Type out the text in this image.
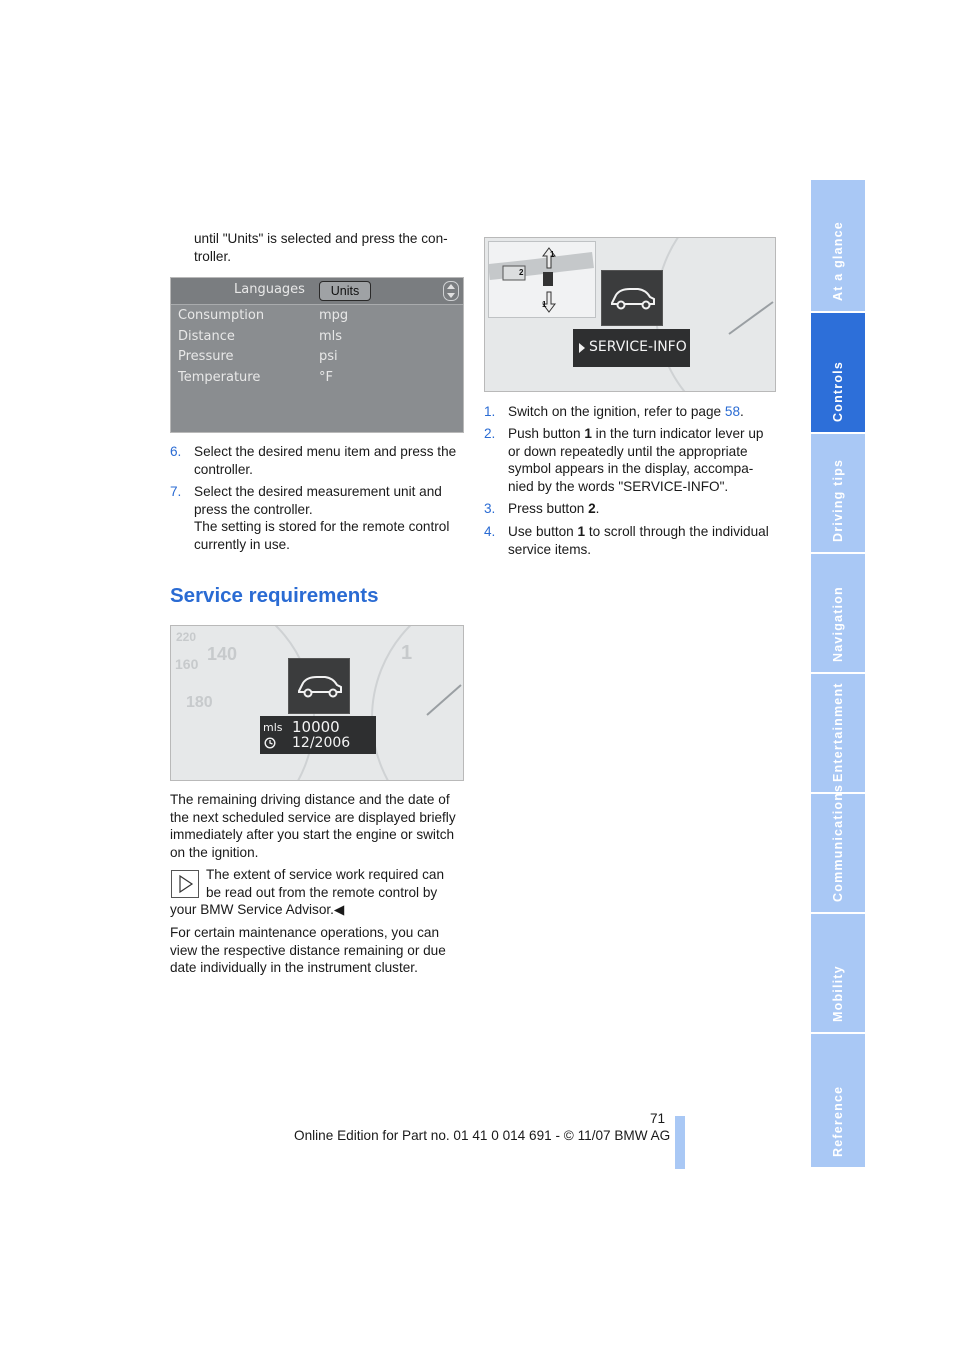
until "Units" is selected and press the con-
troller.
Languages	Units
Consumption	mpg
Distance	mls
Pressure	psi
Temperature	°F
6. Select the desired menu item and press the
controller.
7. Select the desired measurement unit and
press the controller.
The setting is stored for the remote control
currently in use.
Service requirements
220
140
160
180
1
mls 10000
12/2006
The remaining driving distance and the date of
the next scheduled service are displayed briefly
immediately after you start the engine or switch
on the ignition.
The extent of service work required can
be read out from the remote control by
your BMW Service Advisor.◀
For certain maintenance operations, you can
view the respective distance remaining or due
date individually in the instrument cluster.
1
2
1
SERVICE-INFO
1. Switch on the ignition, refer to page 58.
2. Push button 1 in the turn indicator lever up
or down repeatedly until the appropriate
symbol appears in the display, accompa-
nied by the words "SERVICE-INFO".
3. Press button 2.
4. Use button 1 to scroll through the individual
service items.
At a glance
Controls
Driving tips
Navigation
Entertainment
Communications
Mobility
Reference
71
Online Edition for Part no. 01 41 0 014 691 - © 11/07 BMW AG
